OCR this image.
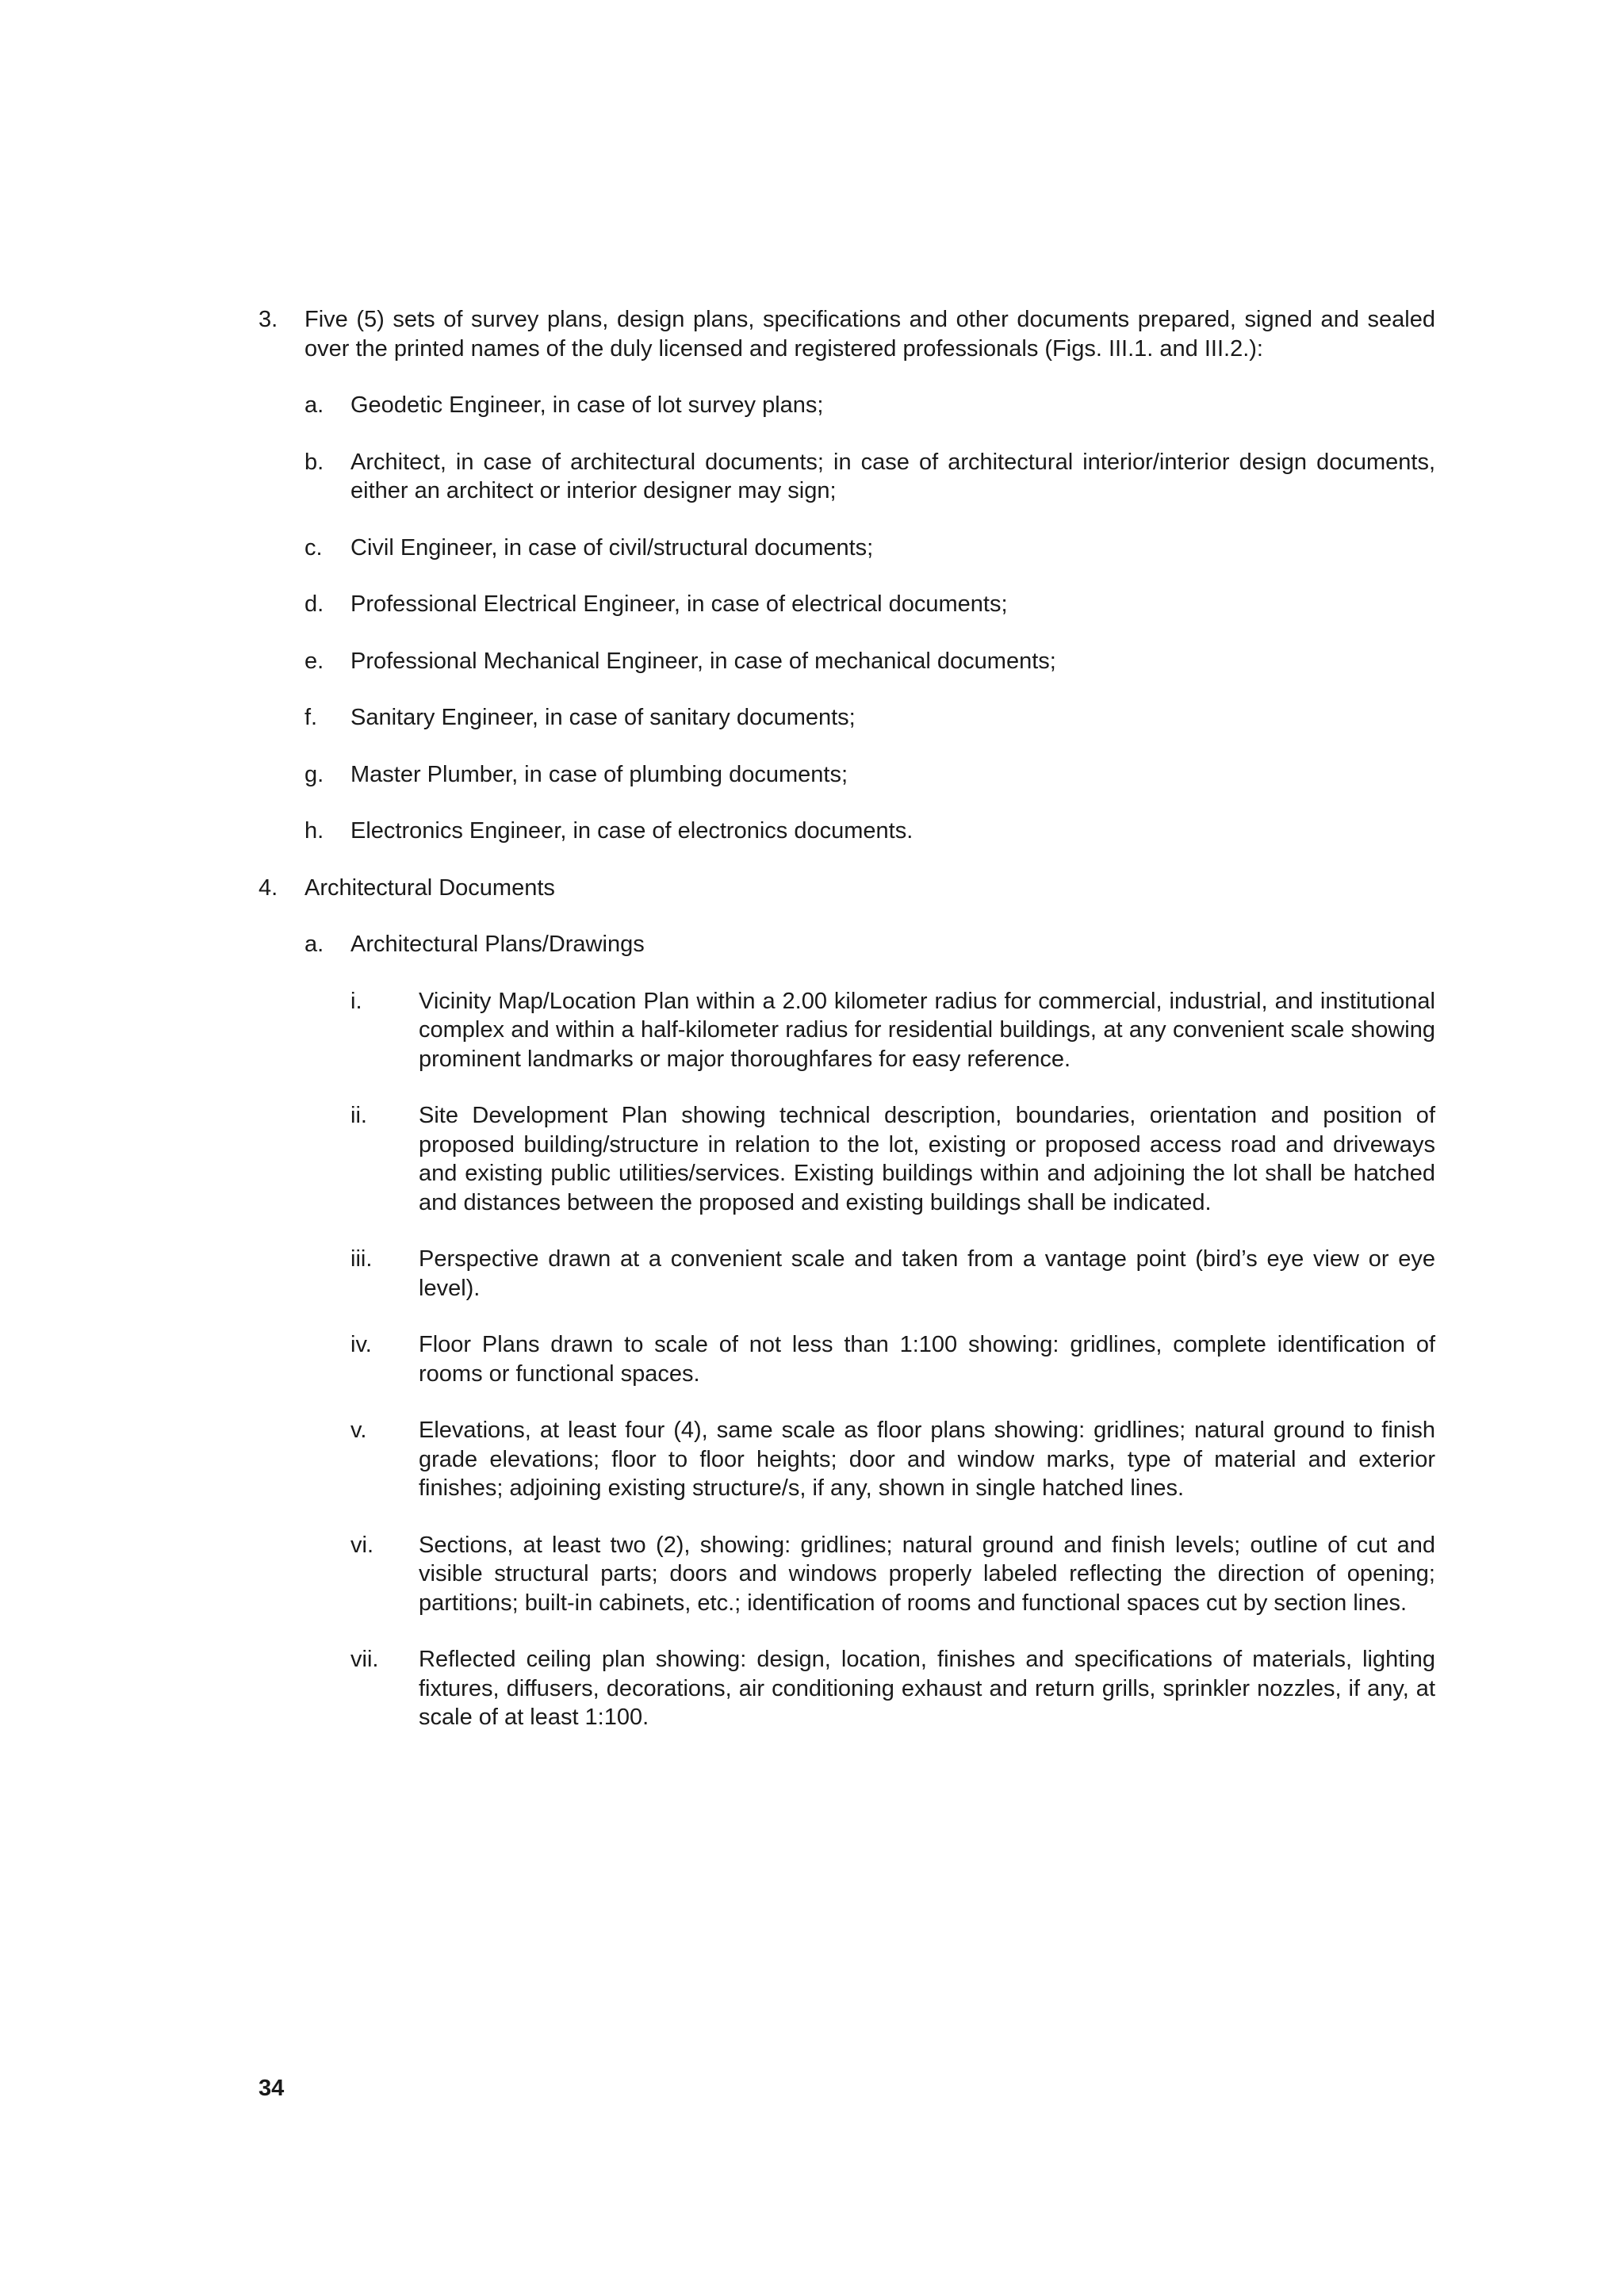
3.	Five (5) sets of survey plans, design plans, specifications and other documents prepared, signed and sealed over the printed names of the duly licensed and registered professionals (Figs. III.1. and III.2.):
a.	Geodetic Engineer, in case of lot survey plans;
b.	Architect, in case of architectural documents; in case of architectural interior/interior design documents, either an architect or interior designer may sign;
c.	Civil Engineer, in case of civil/structural documents;
d.	Professional Electrical Engineer, in case of electrical documents;
e.	Professional Mechanical Engineer, in case of mechanical documents;
f.	Sanitary Engineer, in case of sanitary documents;
g.	Master Plumber, in case of plumbing documents;
h.	Electronics Engineer, in case of electronics documents.
4.	Architectural Documents
a.	Architectural Plans/Drawings
i.	Vicinity Map/Location Plan within a 2.00 kilometer radius for commercial, industrial, and institutional complex and within a half-kilometer radius for residential buildings, at any convenient scale showing prominent landmarks or major thoroughfares for easy reference.
ii.	Site Development Plan showing technical description, boundaries, orientation and position of proposed building/structure in relation to the lot, existing or proposed access road and driveways and existing public utilities/services. Existing buildings within and adjoining the lot shall be hatched and distances between the proposed and existing buildings shall be indicated.
iii.	Perspective drawn at a convenient scale and taken from a vantage point (bird’s eye view or eye level).
iv.	Floor Plans drawn to scale of not less than 1:100 showing: gridlines, complete identification of rooms or functional spaces.
v.	Elevations, at least four (4), same scale as floor plans showing: gridlines; natural ground to finish grade elevations; floor to floor heights; door and window marks, type of material and exterior finishes; adjoining existing structure/s, if any, shown in single hatched lines.
vi.	Sections, at least two (2), showing: gridlines; natural ground and finish levels; outline of cut and visible structural parts; doors and windows properly labeled reflecting the direction of opening; partitions; built-in cabinets, etc.; identification of rooms and functional spaces cut by section lines.
vii.	Reflected ceiling plan showing: design, location, finishes and specifications of materials, lighting fixtures, diffusers, decorations, air conditioning exhaust and return grills, sprinkler nozzles, if any, at scale of at least 1:100.
34
